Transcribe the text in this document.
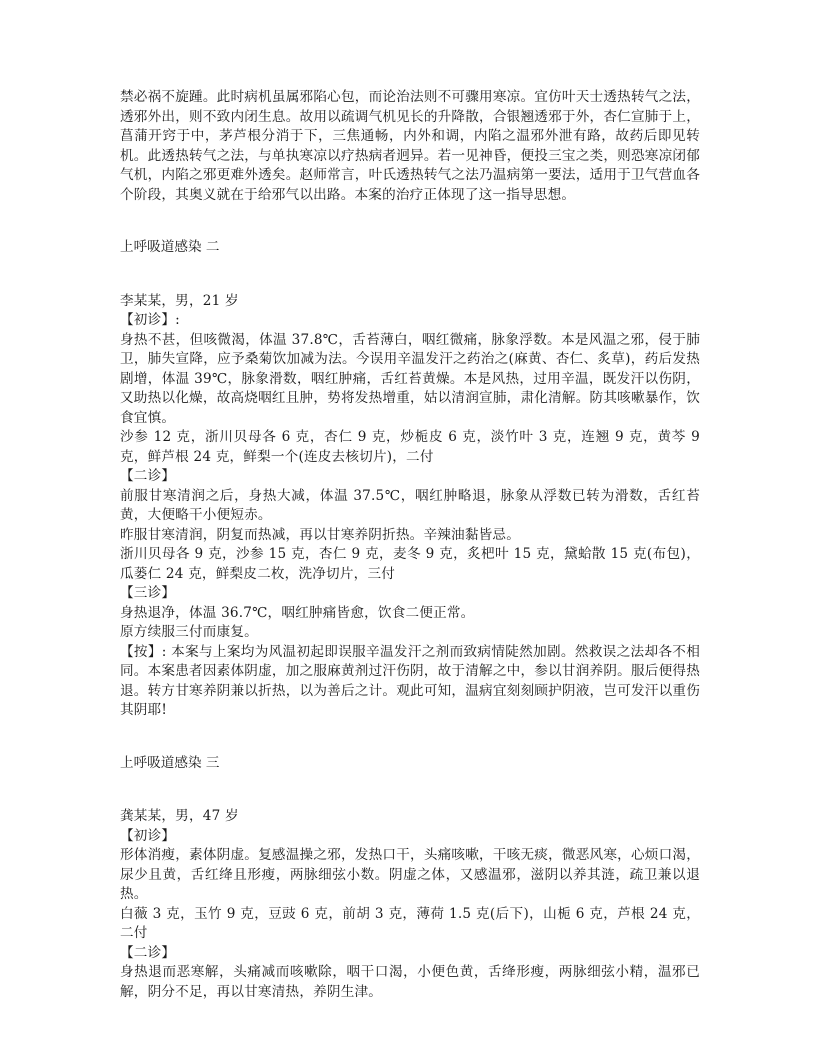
禁必祸不旋踵。此时病机虽属邪陷心包，而论治法则不可骤用寒凉。宜仿叶天士透热转气之法，透邪外出，则不致内闭生息。故用以疏调气机见长的升降散，合银翘透邪于外，杏仁宣肺于上，菖蒲开窍于中，茅芦根分消于下，三焦通畅，内外和调，内陷之温邪外泄有路，故药后即见转机。此透热转气之法，与单执寒凉以疗热病者迥异。若一见神昏，便投三宝之类，则恐寒凉闭郁气机，内陷之邪更难外透矣。赵师常言，叶氏透热转气之法乃温病第一要法，适用于卫气营血各个阶段，其奥义就在于给邪气以出路。本案的治疗正体现了这一指导思想。

上呼吸道感染 二

李某某，男，21 岁

【初诊】:

身热不甚，但咳微渴，体温 37.8℃，舌苔薄白，咽红微痛，脉象浮数。本是风温之邪，侵于肺卫，肺失宣降，应予桑菊饮加减为法。今误用辛温发汗之药治之(麻黄、杏仁、炙草)，药后发热剧增，体温 39℃，脉象滑数，咽红肿痛，舌红苔黄燥。本是风热，过用辛温，既发汗以伤阴，又助热以化燥，故高烧咽红且肿，势将发热增重，姑以清润宣肺，肃化清解。防其咳嗽暴作，饮食宜慎。

沙参 12 克，浙川贝母各 6 克，杏仁 9 克，炒栀皮 6 克，淡竹叶 3 克，连翘 9 克，黄芩 9 克，鲜芦根 24 克，鲜梨一个(连皮去核切片)，二付

【二诊】

前服甘寒清润之后，身热大减，体温 37.5℃，咽红肿略退，脉象从浮数已转为滑数，舌红苔黄，大便略干小便短赤。

昨服甘寒清润，阴复而热减，再以甘寒养阴折热。辛辣油黏皆忌。

浙川贝母各 9 克，沙参 15 克，杏仁 9 克，麦冬 9 克，炙杷叶 15 克，黛蛤散 15 克(布包)，瓜蒌仁 24 克，鲜梨皮二枚，洗净切片，三付

【三诊】

身热退净，体温 36.7℃，咽红肿痛皆愈，饮食二便正常。

原方续服三付而康复。

【按】: 本案与上案均为风温初起即误服辛温发汗之剂而致病情陡然加剧。然救误之法却各不相同。本案患者因素体阴虚，加之服麻黄剂过汗伤阴，故于清解之中，参以甘润养阴。服后便得热退。转方甘寒养阴兼以折热，以为善后之计。观此可知，温病宜刻刻顾护阴液，岂可发汗以重伤其阴耶!

上呼吸道感染 三

龚某某，男，47 岁

【初诊】

形体消瘦，素体阴虚。复感温操之邪，发热口干，头痛咳嗽，干咳无痰，微恶风寒，心烦口渴，尿少且黄，舌红绛且形瘦，两脉细弦小数。阴虚之体，又感温邪，滋阴以养其涟，疏卫兼以退热。

白薇 3 克，玉竹 9 克，豆豉 6 克，前胡 3 克，薄荷 1.5 克(后下)，山栀 6 克，芦根 24 克，二付

【二诊】

身热退而恶寒解，头痛减而咳嗽除，咽干口渴，小便色黄，舌绛形瘦，两脉细弦小精，温邪已解，阴分不足，再以甘寒清热，养阴生津。
